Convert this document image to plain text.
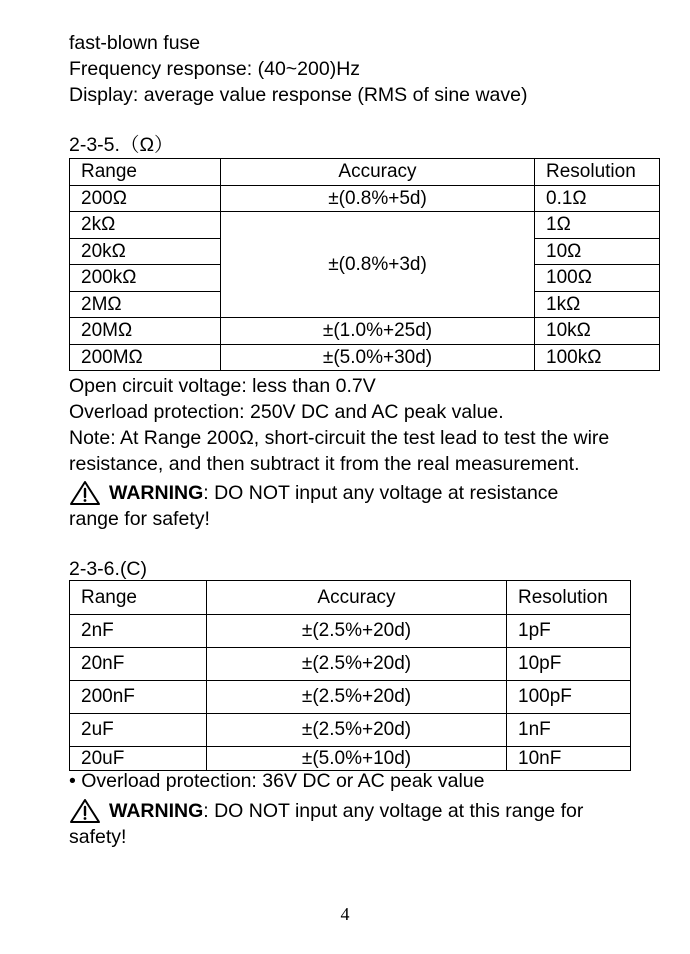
fast-blown fuse
Frequency response: (40~200)Hz
Display: average value response (RMS of sine wave)
2-3-5.（Ω）
Range	Accuracy	Resolution
200Ω	±(0.8%+5d)	0.1Ω
2kΩ	±(0.8%+3d)	1Ω
20kΩ		10Ω
200kΩ		100Ω
2MΩ		1kΩ
20MΩ	±(1.0%+25d)	10kΩ
200MΩ	±(5.0%+30d)	100kΩ
Open circuit voltage: less than 0.7V
Overload protection: 250V DC and AC peak value.
Note: At Range 200Ω, short-circuit the test lead to test the wire
resistance, and then subtract it from the real measurement.
WARNING : DO NOT input any voltage at resistance
range for safety!
2-3-6.(C)
Range	Accuracy	Resolution
2nF	±(2.5%+20d)	1pF
20nF	±(2.5%+20d)	10pF
200nF	±(2.5%+20d)	100pF
2uF	±(2.5%+20d)	1nF
20uF	±(5.0%+10d)	10nF
• Overload protection: 36V DC or AC peak value
WARNING : DO NOT input any voltage at this range for
safety!
4
